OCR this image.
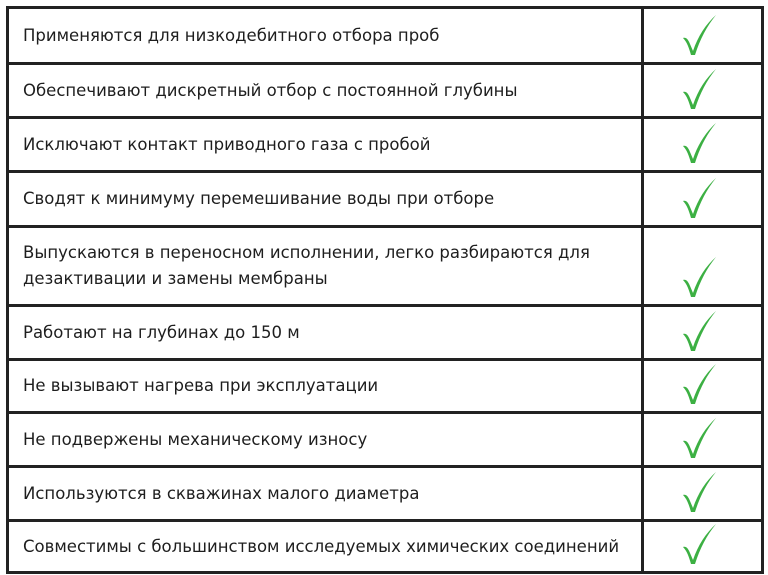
Применяются для низкодебитного отбора проб
Обеспечивают дискретный отбор с постоянной глубины
Исключают контакт приводного газа с пробой
Сводят к минимуму перемешивание воды при отборе
Выпускаются в переносном исполнении, легко разбираются для дезактивации и замены мембраны
Работают на глубинах до 150 м
Не вызывают нагрева при эксплуатации
Не подвержены механическому износу
Используются в скважинах малого диаметра
Совместимы с большинством исследуемых химических соединений
